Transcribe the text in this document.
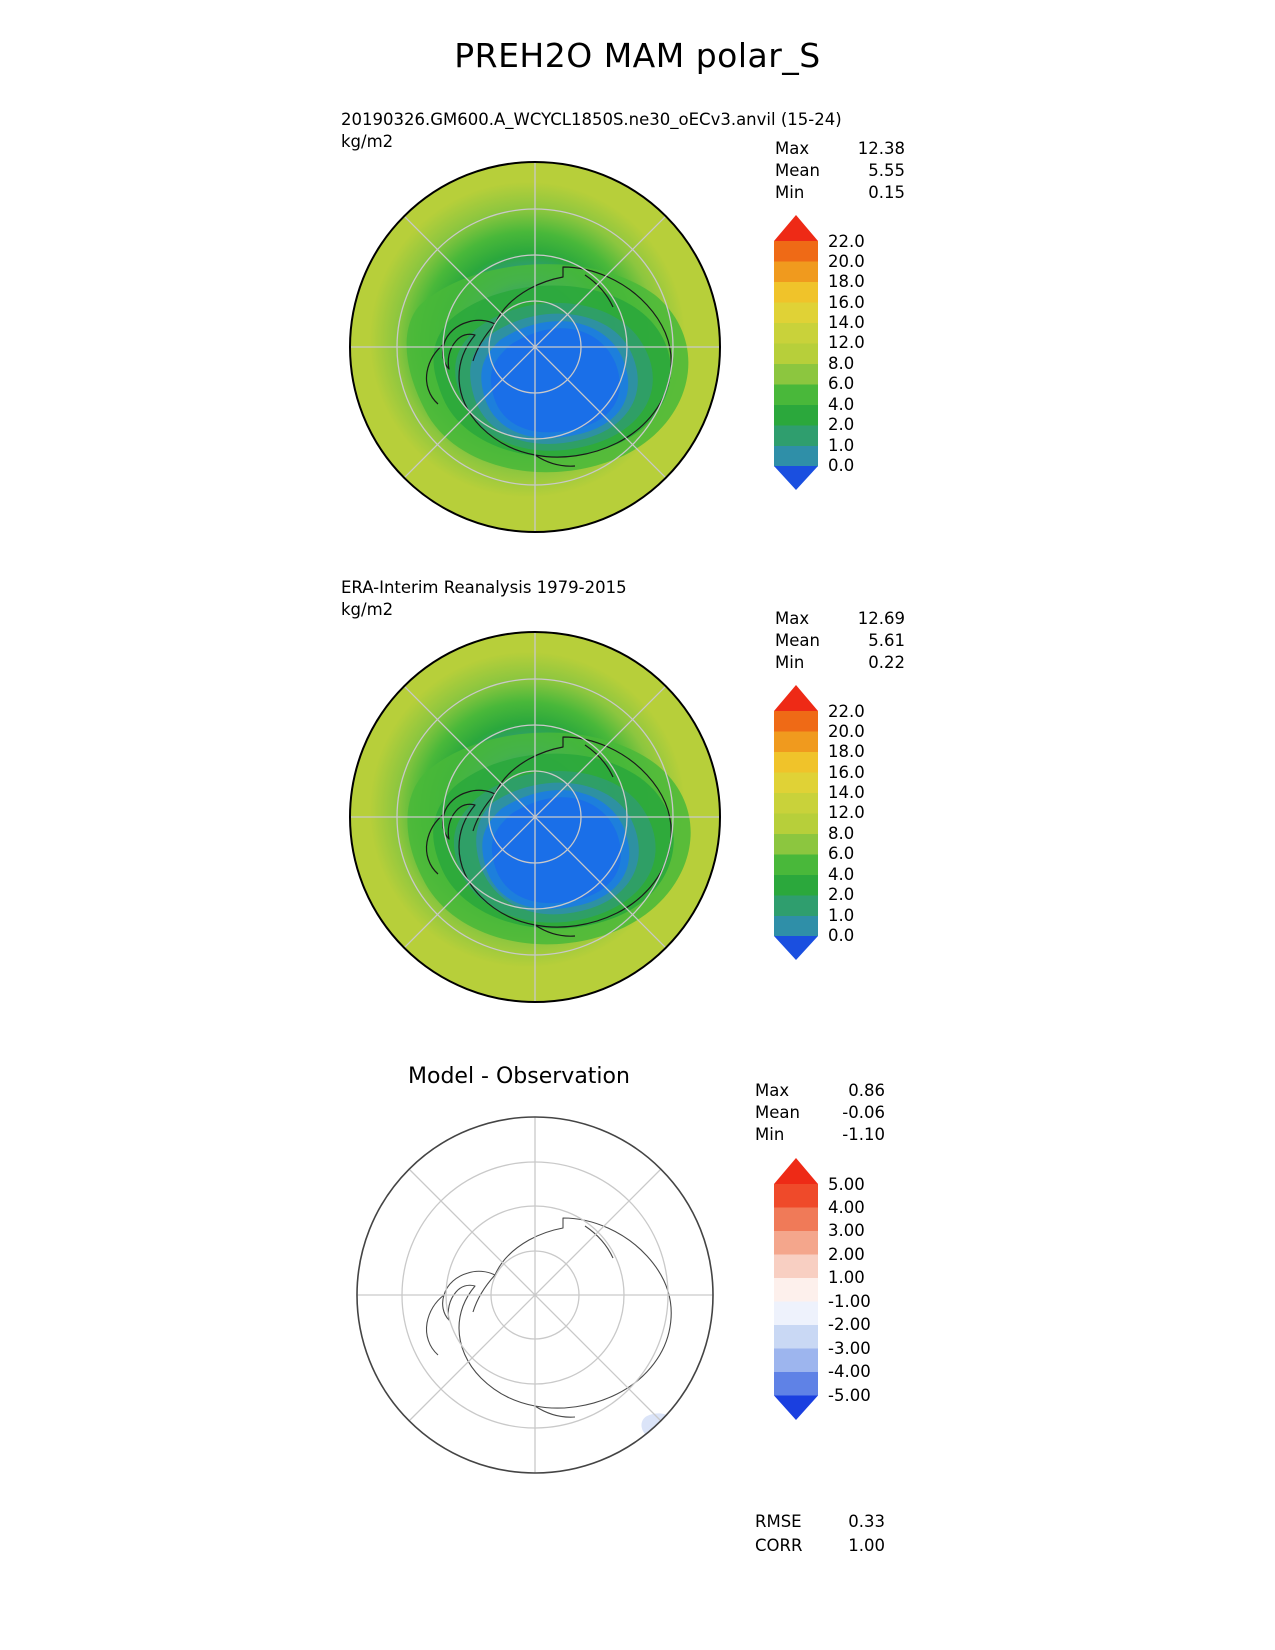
PREH2O MAM polar_S
20190326.GM600.A_WCYCL1850S.ne30_oECv3.anvil (15-24)
kg/m2	Max	12.38
Mean	5.55
Min	0.15
22.0
20.0
18.0
16.0
14.0
12.0
8.0
6.0
4.0
2.0
1.0
0.0
ERA-Interim Reanalysis 1979-2015
kg/m2	Max	12.69
Mean	5.61
Min	0.22
22.0
20.0
18.0
16.0
14.0
12.0
8.0
6.0
4.0
2.0
1.0
0.0
Model - Observation
Max	0.86
Mean	-0.06
Min	-1.10
5.00
4.00
3.00
2.00
1.00
-1.00
-2.00
-3.00
-4.00
-5.00
RMSE	0.33
CORR	1.00
